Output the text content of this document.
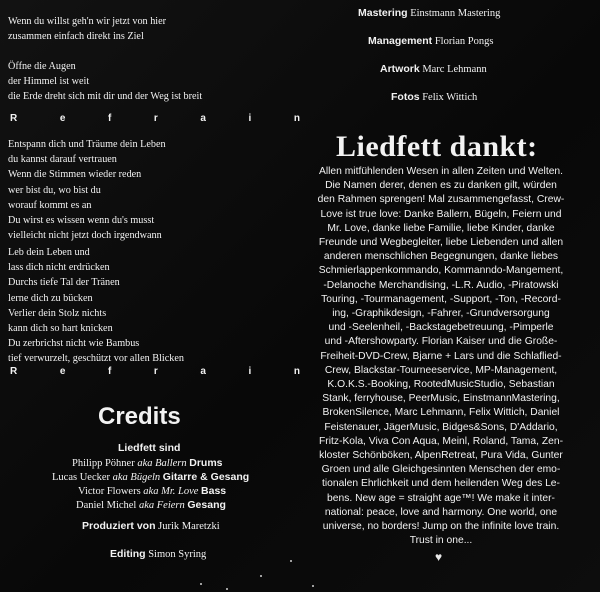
Wenn du willst geh'n wir jetzt von hier
zusammen einfach direkt ins Ziel
Öffne die Augen
der Himmel ist weit
die Erde dreht sich mit dir und der Weg ist breit
R	e	f	r	a	i	n
Entspann dich und Träume dein Leben
du kannst darauf vertrauen
Wenn die Stimmen wieder reden
wer bist du, wo bist du
worauf kommt es an
Du wirst es wissen wenn du's musst
vielleicht nicht jetzt doch irgendwann
Leb dein Leben und
lass dich nicht erdrücken
Durchs tiefe Tal der Tränen
lerne dich zu bücken
Verlier dein Stolz nichts
kann dich so hart knicken
Du zerbrichst nicht wie Bambus
tief verwurzelt, geschützt vor allen Blicken
R	e	f	r	a	i	n
Credits
Liedfett sind
Philipp Pöhner aka Ballern Drums
Lucas Uecker aka Bügeln Gitarre & Gesang
Victor Flowers aka Mr. Love Bass
Daniel Michel aka Feiern Gesang
Produziert von Jurik Maretzki
Editing Simon Syring
Mastering Einstmann Mastering
Management Florian Pongs
Artwork Marc Lehmann
Fotos Felix Wittich
Liedfett dankt:
Allen mitfühlenden Wesen in allen Zeiten und Welten.
Die Namen derer, denen es zu danken gilt, würden
den Rahmen sprengen! Mal zusammengefasst, Crew-
Love ist true love: Danke Ballern, Bügeln, Feiern und
Mr. Love, danke liebe Familie, liebe Kinder, danke
Freunde und Wegbegleiter, liebe Liebenden und allen
anderen menschlichen Begegnungen, danke liebes
Schmierlappenkommando, Kommanndo-Mangement,
-Delanoche Merchandising, -L.R. Audio, -Piratowski
Touring, -Tourmanagement, -Support, -Ton, -Record-
ing, -Graphikdesign, -Fahrer, -Grundversorgung
und -Seelenheil, -Backstagebetreuung, -Pimperle
und -Aftershowparty. Florian Kaiser und die Große-
Freiheit-DVD-Crew, Bjarne + Lars und die Schlaflied-
Crew, Blackstar-Tourneeservice, MP-Management,
K.O.K.S.-Booking, RootedMusicStudio, Sebastian
Stank, ferryhouse, PeerMusic, EinstmannMastering,
BrokenSilence, Marc Lehmann, Felix Wittich, Daniel
Feistenauer, JägerMusic, Bidges&Sons, D'Addario,
Fritz-Kola, Viva Con Aqua, Meinl, Roland, Tama, Zen-
kloster Schönböken, AlpenRetreat, Pura Vida, Gunter
Groen und alle Gleichgesinnten Menschen der emo-
tionalen Ehrlichkeit und dem heilenden Weg des Le-
bens. New age = straight age™! We make it inter-
national: peace, love and harmony. One world, one
universe, no borders! Jump on the infinite love train.
Trust in one...
♥
